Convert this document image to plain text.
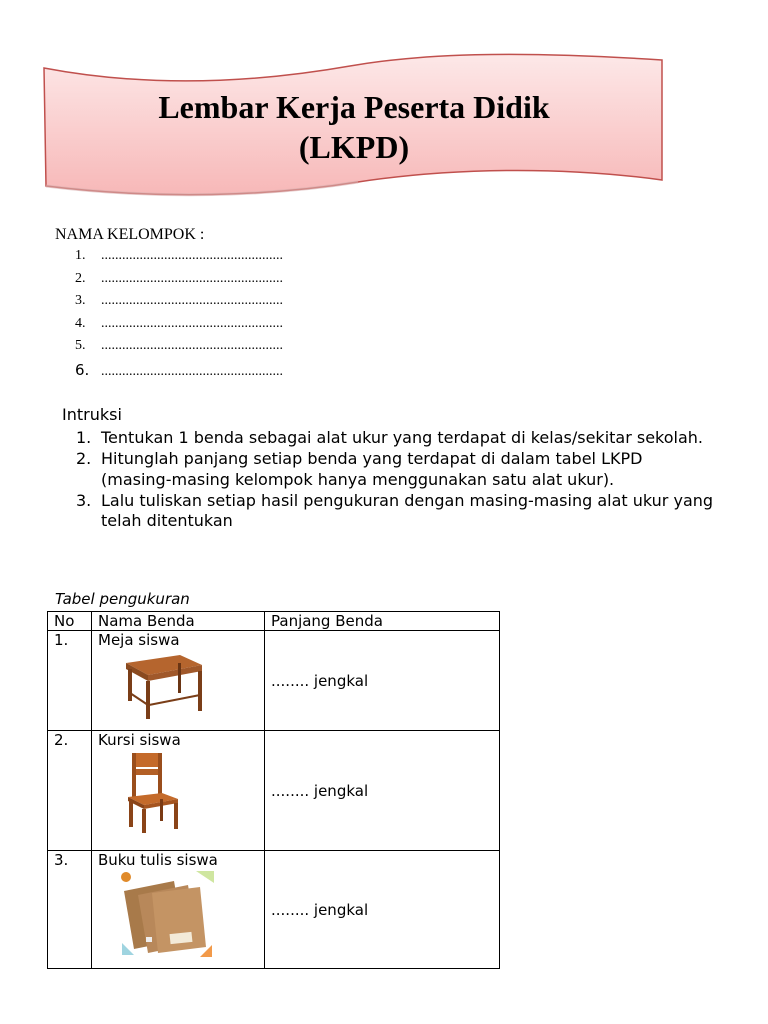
Lembar Kerja Peserta Didik
(LKPD)
NAMA KELOMPOK :
1. ....................................................
2. ....................................................
3. ....................................................
4. ....................................................
5. ....................................................
6. ....................................................
Intruksi
1. Tentukan 1 benda sebagai alat ukur yang terdapat di kelas/sekitar sekolah.
2. Hitunglah panjang setiap benda yang terdapat di dalam tabel LKPD (masing-masing kelompok hanya menggunakan satu alat ukur).
3. Lalu tuliskan setiap hasil pengukuran dengan masing-masing alat ukur yang telah ditentukan
Tabel pengukuran
No	Nama Benda	Panjang Benda
1.	Meja siswa	........ jengkal
2.	Kursi siswa	........ jengkal
3.	Buku tulis siswa	........ jengkal
